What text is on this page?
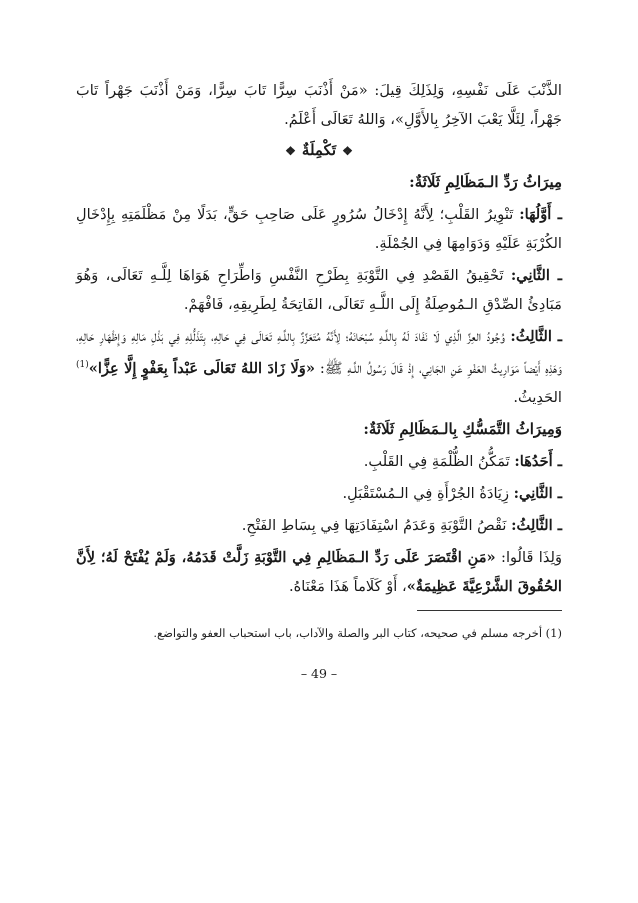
الذَّنْبَ عَلَى نَفْسِهِ، وَلِذَلِكَ قِيلَ: «مَنْ أَذْنَبَ سِرًّا تَابَ سِرًّا، وَمَنْ أَذْنَبَ جَهْراً تَابَ جَهْراً، لِئَلَّا يَعْبَ الآخِرُ بِالأَوَّلِ»، وَاللهُ تَعَالَى أَعْلَمُ.

❖تَكْمِلَةٌ❖
مِيرَاثُ رَدِّ الـمَظَالِمِ ثَلَاثَةٌ:

ـ أَوَّلُهَا: تَنْوِيرُ القَلْبِ؛ لِأَنَّهُ إِدْخَالُ سُرُورٍ عَلَى صَاحِبِ حَقٍّ، بَدَلًا مِنْ مَظْلَمَتِهِ بِإِدْخَالِ الكُرْبَةِ عَلَيْهِ وَدَوَامِهَا فِي الجُمْلَةِ.

ـ الثَّانِي: تَحْقِيقُ القَصْدِ فِي التَّوْبَةِ بِطَرْحِ النَّفْسِ وَاطِّرَاحِ هَوَاهَا لِلَّـهِ تَعَالَى، وَهُوَ مَبَادِئُ الصِّدْقِ الـمُوصِلَةُ إِلَى اللَّـهِ تَعَالَى، الفَاتِحَةُ لِطَرِيقِهِ، فَافْهَمْ.

ـ الثَّالِثُ: وُجُودُ العِزِّ الَّذِي لَا نَفَادَ لَهُ بِاللَّـهِ سُبْحَانَهُ؛ لِأَنَّهُ مُتَعَزِّزٌ بِاللَّـهِ تَعَالَى فِي حَالِهِ، بِتَذَلُّلِهِ فِي بَذْلِ مَالِهِ وَإِظْهَارِ حَالِهِ، وَهَذِهِ أَيْضاً مَوَارِيثُ العَفْوِ عَنِ الجَانِي، إِذْ قَالَ رَسُولُ اللَّـهِ ﷺ: «وَلَا زَادَ اللهُ تَعَالَى عَبْداً بِعَفْوٍ إِلَّا عِزًّا»$^{(1)}$ الحَدِيثُ.

وَمِيرَاثُ التَّمَسُّكِ بِالـمَظَالِمِ ثَلَاثَةٌ:

ـ أَحَدُهَا: تَمَكُّنُ الظُّلْمَةِ فِي القَلْبِ.

ـ الثَّانِي: زِيَادَةُ الجُرْأَةِ فِي الـمُسْتَقْبَلِ.

ـ الثَّالِثُ: نَقْصُ التَّوْبَةِ وَعَدَمُ اسْتِفَادَتِهَا فِي بِسَاطِ الفَتْحِ.

وَلِذَا قَالُوا: «مَنِ اقْتَصَرَ عَلَى رَدِّ الـمَظَالِمِ فِي التَّوْبَةِ زَلَّتْ قَدَمُهُ، وَلَمْ يُفْتَحْ لَهُ؛ لِأَنَّ الحُقُوقَ الشَّرْعِيَّةَ عَظِيمَةٌ»، أَوْ كَلَاماً هَذَا مَعْنَاهُ.

(1) أخرجه مسلم في صحيحه، كتاب البر والصلة والآداب، باب استحباب العفو والتواضع.
– 49 –
